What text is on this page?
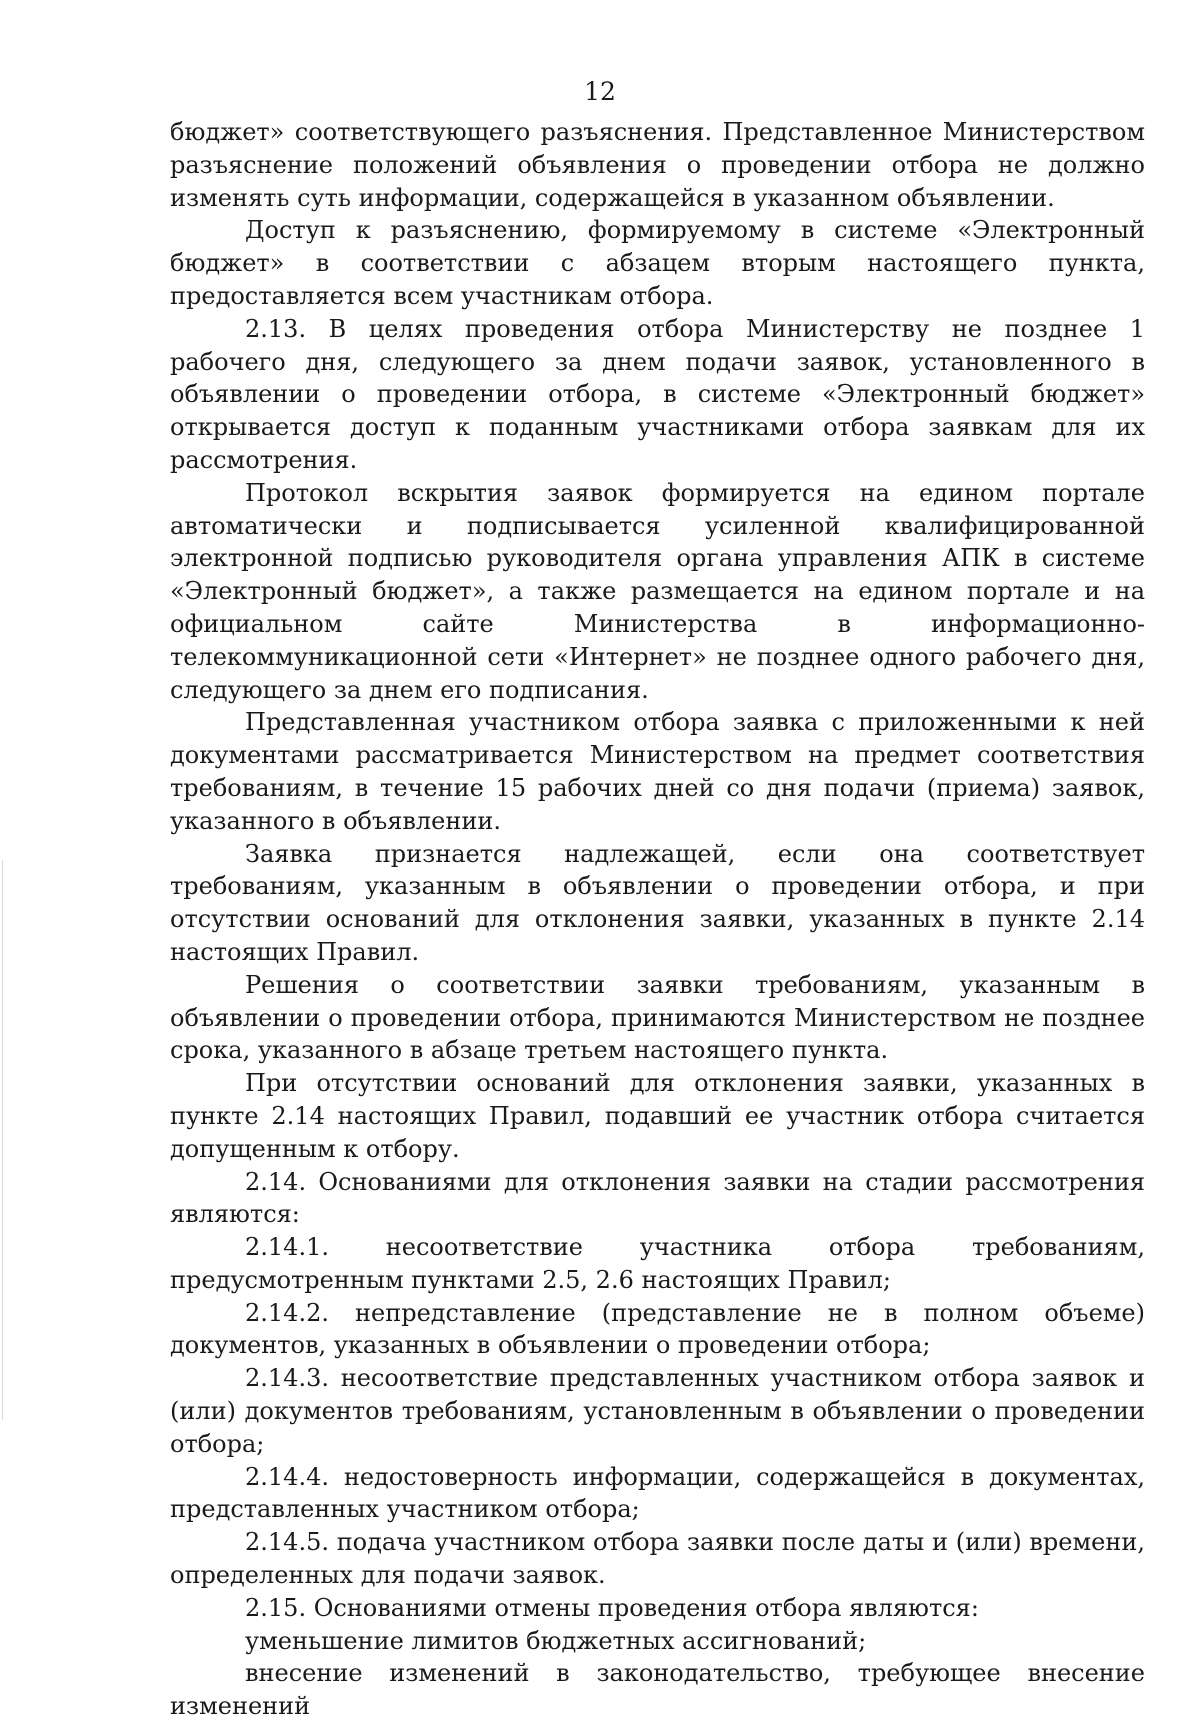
12

бюджет» соответствующего разъяснения. Представленное Министерством разъяснение положений объявления о проведении отбора не должно изменять суть информации, содержащейся в указанном объявлении.

Доступ к разъяснению, формируемому в системе «Электронный бюджет» в соответствии с абзацем вторым настоящего пункта, предоставляется всем участникам отбора.

2.13. В целях проведения отбора Министерству не позднее 1 рабочего дня, следующего за днем подачи заявок, установленного в объявлении о проведении отбора, в системе «Электронный бюджет» открывается доступ к поданным участниками отбора заявкам для их рассмотрения.

Протокол вскрытия заявок формируется на едином портале автоматически и подписывается усиленной квалифицированной электронной подписью руководителя органа управления АПК в системе «Электронный бюджет», а также размещается на едином портале и на официальном сайте Министерства в информационно-телекоммуникационной сети «Интернет» не позднее одного рабочего дня, следующего за днем его подписания.

Представленная участником отбора заявка с приложенными к ней документами рассматривается Министерством на предмет соответствия требованиям, в течение 15 рабочих дней со дня подачи (приема) заявок, указанного в объявлении.

Заявка признается надлежащей, если она соответствует требованиям, указанным в объявлении о проведении отбора, и при отсутствии оснований для отклонения заявки, указанных в пункте 2.14 настоящих Правил.

Решения о соответствии заявки требованиям, указанным в объявлении о проведении отбора, принимаются Министерством не позднее срока, указанного в абзаце третьем настоящего пункта.

При отсутствии оснований для отклонения заявки, указанных в пункте 2.14 настоящих Правил, подавший ее участник отбора считается допущенным к отбору.

2.14. Основаниями для отклонения заявки на стадии рассмотрения являются:

2.14.1. несоответствие участника отбора требованиям, предусмотренным пунктами 2.5, 2.6 настоящих Правил;

2.14.2. непредставление (представление не в полном объеме) документов, указанных в объявлении о проведении отбора;

2.14.3. несоответствие представленных участником отбора заявок и (или) документов требованиям, установленным в объявлении о проведении отбора;

2.14.4. недостоверность информации, содержащейся в документах, представленных участником отбора;

2.14.5. подача участником отбора заявки после даты и (или) времени, определенных для подачи заявок.

2.15. Основаниями отмены проведения отбора являются:

уменьшение лимитов бюджетных ассигнований;

внесение изменений в законодательство, требующее внесение изменений
